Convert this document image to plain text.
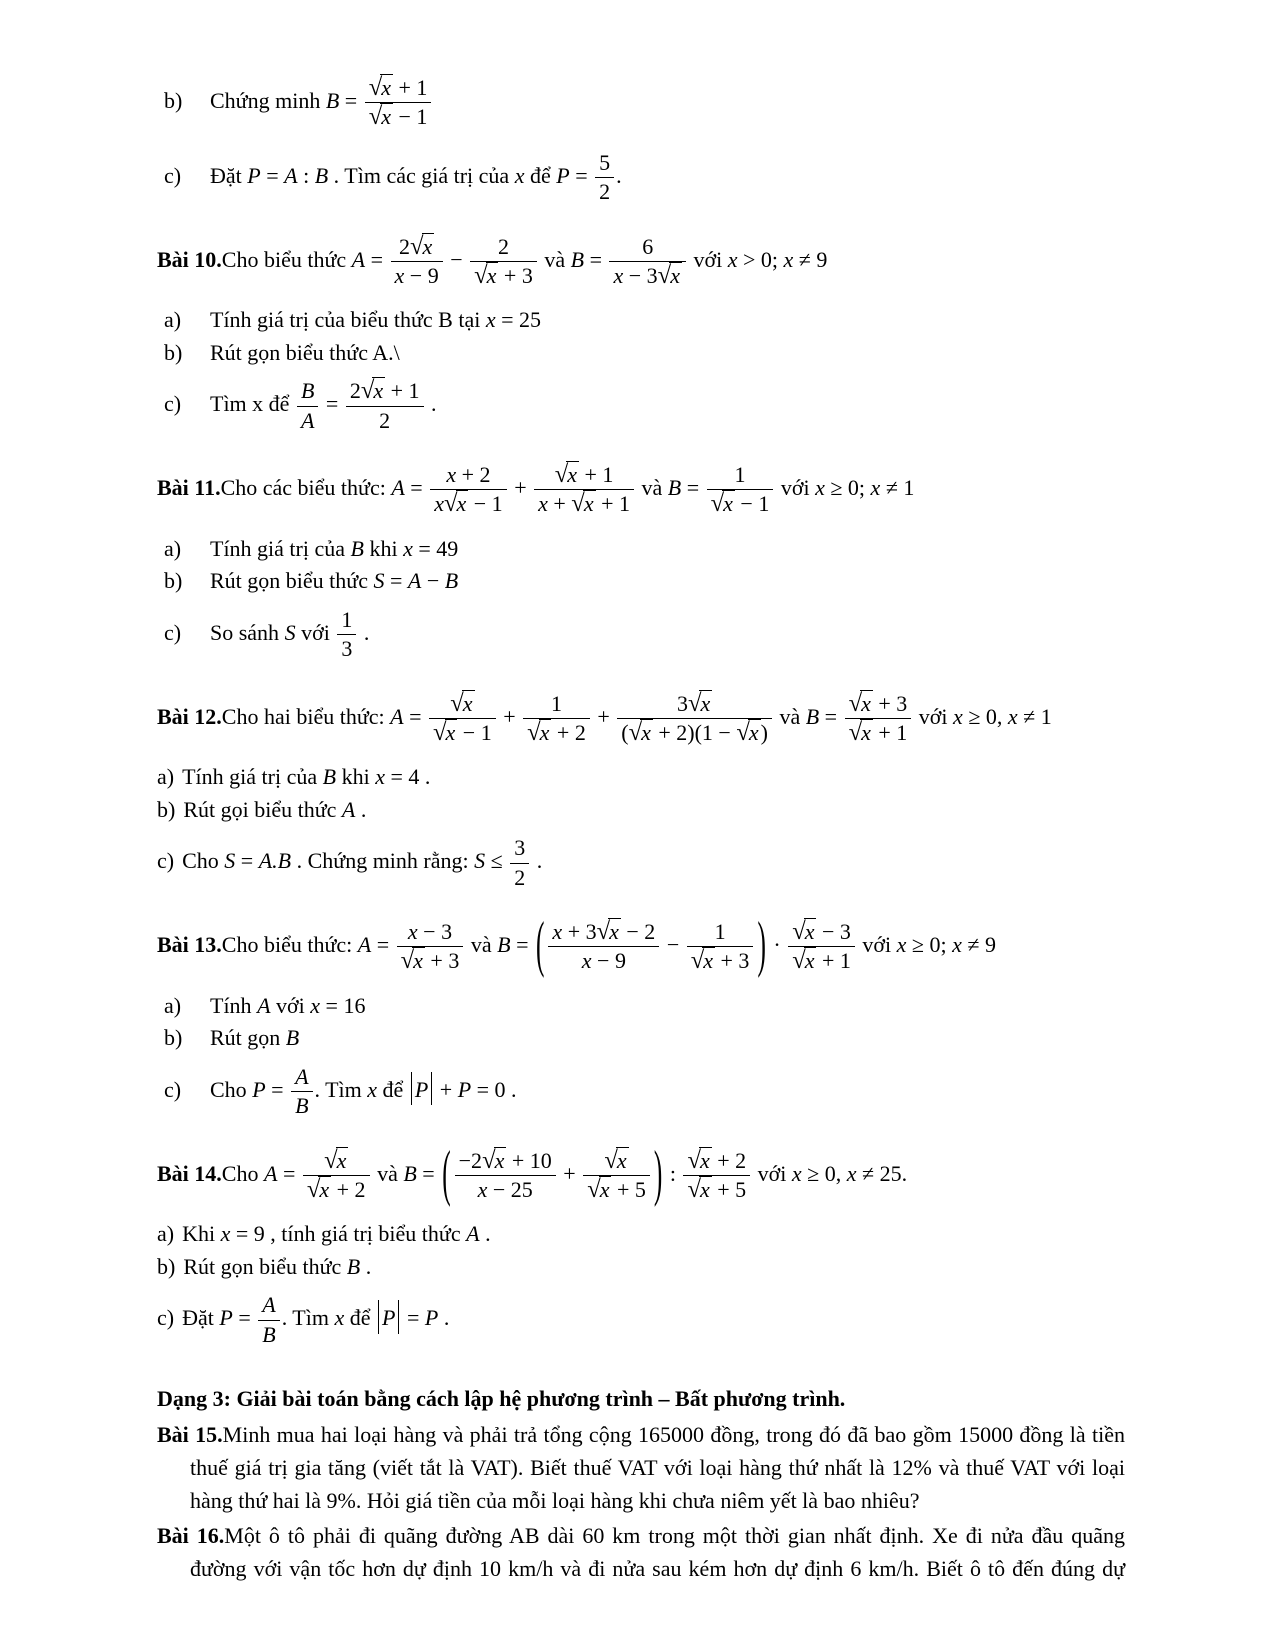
b) Chứng minh $B = \frac{√x + 1}{√x - 1}$
c) Đặt P = A : B . Tìm các giá trị của x để $P = \frac{5}{2}$ .
Bài 10.Cho biểu thức $A = \frac{2√x}{x - 9} - \frac{2}{√x + 3}$ và $B = \frac{6}{x - 3√x}$ với x > 0; x ≠ 9
a) Tính giá trị của biểu thức B tại x = 25
b) Rút gọn biểu thức A.\
c) Tìm x để $\frac{B}{A} = \frac{2√x + 1}{2}$ .
Bài 11.Cho các biểu thức: $A = \frac{x + 2}{x√x - 1} + \frac{√x + 1}{x + √x + 1}$ và $B = \frac{1}{√x - 1}$ với x ≥ 0; x ≠ 1
a) Tính giá trị của B khi x = 49
b) Rút gọn biểu thức S = A − B
c) So sánh S với $\frac{1}{3}$ .
Bài 12.Cho hai biểu thức: $A = \frac{√x}{√x - 1} + \frac{1}{√x + 2} + \frac{3√x}{(√x + 2)(1 - √x)}$ và $B = \frac{√x + 3}{√x + 1}$ với x ≥ 0, x ≠ 1
a) Tính giá trị của B khi x = 4 .
b) Rút gọi biểu thức A .
c) Cho S = A.B . Chứng minh rằng: $S \le \frac{3}{2}$ .
Bài 13.Cho biểu thức: $A = \frac{x - 3}{√x + 3}$ và B = ( $\frac{x + 3√x - 2}{x - 9} - \frac{1}{√x + 3}$ ) · $\frac{√x - 3}{√x + 1}$ với x ≥ 0; x ≠ 9
a) Tính A với x = 16
b) Rút gọn B
c) Cho $P = \frac{A}{B}$ . Tìm x để P + P = 0 .
Bài 14.Cho $A = \frac{√x}{√x + 2}$ và B = ( $\frac{-2√x + 10}{x - 25} + \frac{√x}{√x + 5}$ ) : $\frac{√x + 2}{√x + 5}$ với x ≥ 0, x ≠ 25.
a) Khi x = 9 , tính giá trị biểu thức A .
b) Rút gọn biểu thức B .
c) Đặt $P = \frac{A}{B}$ . Tìm x để P = P .
Dạng 3: Giải bài toán bằng cách lập hệ phương trình – Bất phương trình.
Bài 15.Minh mua hai loại hàng và phải trả tổng cộng 165000 đồng, trong đó đã bao gồm 15000 đồng là tiền thuế giá trị gia tăng (viết tắt là VAT). Biết thuế VAT với loại hàng thứ nhất là 12% và thuế VAT với loại hàng thứ hai là 9%. Hỏi giá tiền của mỗi loại hàng khi chưa niêm yết là bao nhiêu?
Bài 16.Một ô tô phải đi quãng đường AB dài 60 km trong một thời gian nhất định. Xe đi nửa đầu quãng đường với vận tốc hơn dự định 10 km/h và đi nửa sau kém hơn dự định 6 km/h. Biết ô tô đến đúng dự
